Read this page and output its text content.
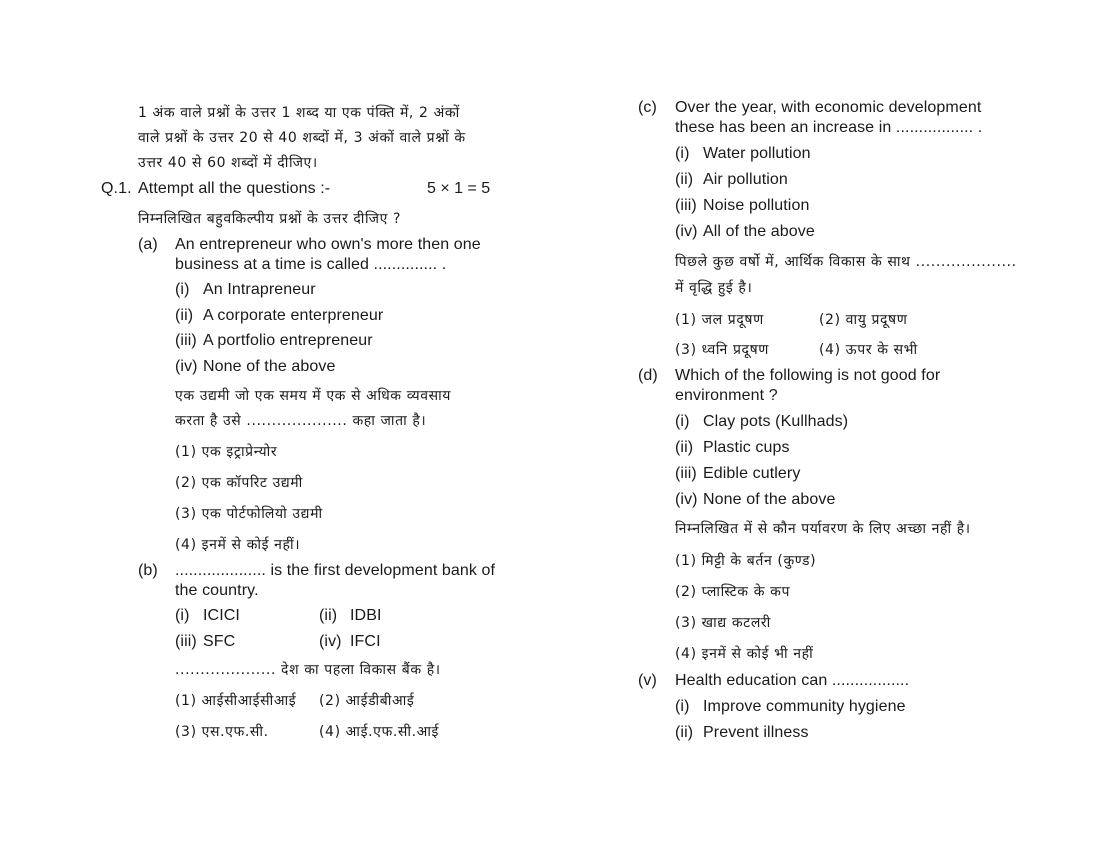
1 अंक वाले प्रश्नों के उत्तर 1 शब्द या एक पंक्ति में, 2 अंकों
वाले प्रश्नों के उत्तर 20 से 40 शब्दों में, 3 अंकों वाले प्रश्नों के
उत्तर 40 से 60 शब्दों में दीजिए।
Q.1. Attempt all the questions :-	5 × 1 = 5
निम्नलिखित बहुवकिल्पीय प्रश्नों के उत्तर दीजिए ?
(a) An entrepreneur who own's more then one
business at a time is called .............. .
(i) An Intrapreneur
(ii) A corporate enterpreneur
(iii) A portfolio entrepreneur
(iv) None of the above
एक उद्यमी जो एक समय में एक से अधिक व्यवसाय
करता है उसे .................... कहा जाता है।
(1) एक इट्राप्रेन्योर
(2) एक कॉपरिट उद्यमी
(3) एक पोर्टफोलियो उद्यमी
(4) इनमें से कोई नहीं।
(b) .................... is the first development bank of
the country.
(i) ICICI	(ii) IDBI
(iii) SFC	(iv) IFCI
.................... देश का पहला विकास बैंक है।
(1) आईसीआईसीआई (2) आईडीबीआई
(3) एस.एफ.सी.	(4) आई.एफ.सी.आई
(c) Over the year, with economic development
these has been an increase in ................. .
(i) Water pollution
(ii) Air pollution
(iii) Noise pollution
(iv) All of the above
पिछले कुछ वर्षो में, आर्थिक विकास के साथ ....................
में वृद्धि हुई है।
(1) जल प्रदूषण	(2) वायु प्रदूषण
(3) ध्वनि प्रदूषण	(4) ऊपर के सभी
(d) Which of the following is not good for
environment ?
(i) Clay pots (Kullhads)
(ii) Plastic cups
(iii) Edible cutlery
(iv) None of the above
निम्नलिखित में से कौन पर्यावरण के लिए अच्छा नहीं है।
(1) मिट्टी के बर्तन (कुण्ड)
(2) प्लास्टिक के कप
(3) खाद्य कटलरी
(4) इनमें से कोई भी नहीं
(v) Health education can .................
(i) Improve community hygiene
(ii) Prevent illness
